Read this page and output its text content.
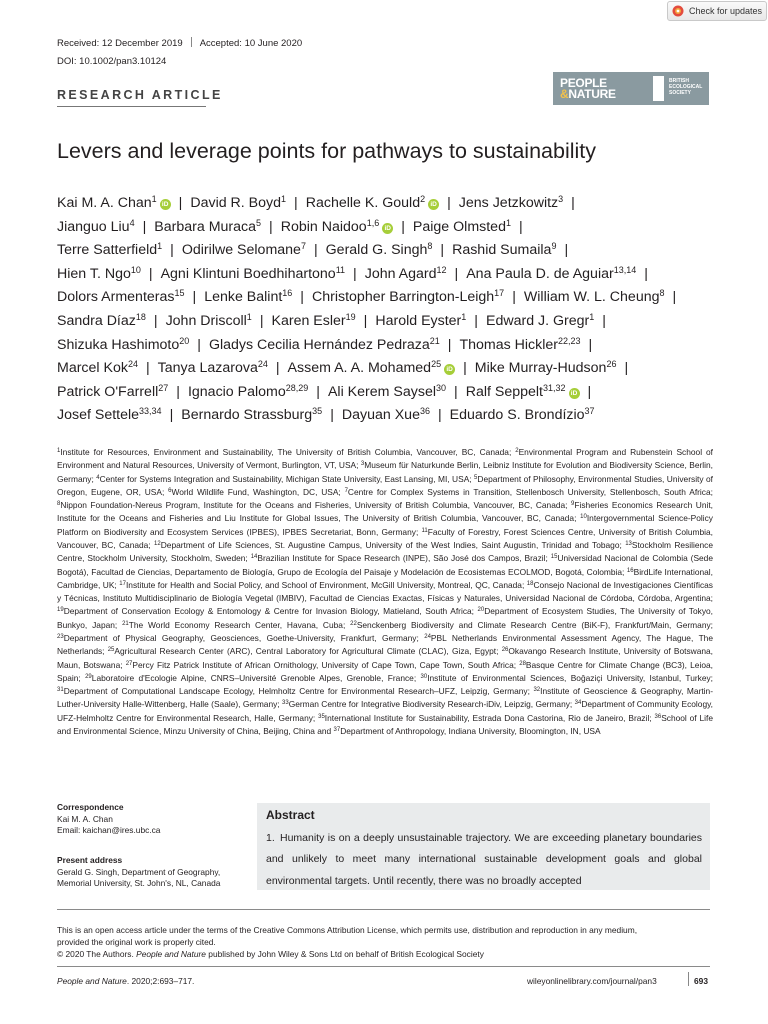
Check for updates
Received: 12 December 2019 Accepted: 10 June 2020
DOI: 10.1002/pan3.10124
RESEARCH ARTICLE
PEOPLE
&NATURE
BRITISH
ECOLOGICAL
SOCIETY
Levers and leverage points for pathways to sustainability
Kai M. A. Chan$^1$iD | David R. Boyd$^1$ | Rachelle K. Gould$^2$iD | Jens Jetzkowitz$^3$ |
Jianguo Liu$^4$ | Barbara Muraca$^5$ | Robin Naidoo$^{1,6}$iD | Paige Olmsted$^1$ |
Terre Satterfield$^1$ | Odirilwe Selomane$^7$ | Gerald G. Singh$^8$ | Rashid Sumaila$^9$ |
Hien T. Ngo$^{10}$ | Agni Klintuni Boedhihartono$^{11}$ | John Agard$^{12}$ | Ana Paula D. de Aguiar$^{13,14}$ |
Dolors Armenteras$^{15}$ | Lenke Balint$^{16}$ | Christopher Barrington-Leigh$^{17}$ | William W. L. Cheung$^8$ |
Sandra Díaz$^{18}$ | John Driscoll$^1$ | Karen Esler$^{19}$ | Harold Eyster$^1$ | Edward J. Gregr$^1$ |
Shizuka Hashimoto$^{20}$ | Gladys Cecilia Hernández Pedraza$^{21}$ | Thomas Hickler$^{22,23}$ |
Marcel Kok$^{24}$ | Tanya Lazarova$^{24}$ | Assem A. A. Mohamed$^{25}$iD | Mike Murray-Hudson$^{26}$ |
Patrick O'Farrell$^{27}$ | Ignacio Palomo$^{28,29}$ | Ali Kerem Saysel$^{30}$ | Ralf Seppelt$^{31,32}$iD |
Josef Settele$^{33,34}$ | Bernardo Strassburg$^{35}$ | Dayuan Xue$^{36}$ | Eduardo S. Brondízio$^{37}$
$^1$Institute for Resources, Environment and Sustainability, The University of British Columbia, Vancouver, BC, Canada; $^2$Environmental Program and Rubenstein School of Environment and Natural Resources, University of Vermont, Burlington, VT, USA; $^3$Museum für Naturkunde Berlin, Leibniz Institute for Evolution and Biodiversity Science, Berlin, Germany; $^4$Center for Systems Integration and Sustainability, Michigan State University, East Lansing, MI, USA; $^5$Department of Philosophy, Environmental Studies, University of Oregon, Eugene, OR, USA; $^6$World Wildlife Fund, Washington, DC, USA; $^7$Centre for Complex Systems in Transition, Stellenbosch University, Stellenbosch, South Africa; $^8$Nippon Foundation-Nereus Program, Institute for the Oceans and Fisheries, University of British Columbia, Vancouver, BC, Canada; $^9$Fisheries Economics Research Unit, Institute for the Oceans and Fisheries and Liu Institute for Global Issues, The University of British Columbia, Vancouver, BC, Canada; $^{10}$Intergovernmental Science-Policy Platform on Biodiversity and Ecosystem Services (IPBES), IPBES Secretariat, Bonn, Germany; $^{11}$Faculty of Forestry, Forest Sciences Centre, University of British Columbia, Vancouver, BC, Canada; $^{12}$Department of Life Sciences, St. Augustine Campus, University of the West Indies, Saint Augustin, Trinidad and Tobago; $^{13}$Stockholm Resilience Centre, Stockholm University, Stockholm, Sweden; $^{14}$Brazilian Institute for Space Research (INPE), São José dos Campos, Brazil; $^{15}$Universidad Nacional de Colombia (Sede Bogotá), Facultad de Ciencias, Departamento de Biología, Grupo de Ecología del Paisaje y Modelación de Ecosistemas ECOLMOD, Bogotá, Colombia; $^{16}$BirdLife International, Cambridge, UK; $^{17}$Institute for Health and Social Policy, and School of Environment, McGill University, Montreal, QC, Canada; $^{18}$Consejo Nacional de Investigaciones Científicas y Técnicas, Instituto Multidisciplinario de Biología Vegetal (IMBIV), Facultad de Ciencias Exactas, Físicas y Naturales, Universidad Nacional de Córdoba, Córdoba, Argentina; $^{19}$Department of Conservation Ecology & Entomology & Centre for Invasion Biology, Matieland, South Africa; $^{20}$Department of Ecosystem Studies, The University of Tokyo, Bunkyo, Japan; $^{21}$The World Economy Research Center, Havana, Cuba; $^{22}$Senckenberg Biodiversity and Climate Research Centre (BiK-F), Frankfurt/Main, Germany; $^{23}$Department of Physical Geography, Geosciences, Goethe-University, Frankfurt, Germany; $^{24}$PBL Netherlands Environmental Assessment Agency, The Hague, The Netherlands; $^{25}$Agricultural Research Center (ARC), Central Laboratory for Agricultural Climate (CLAC), Giza, Egypt; $^{26}$Okavango Research Institute, University of Botswana, Maun, Botswana; $^{27}$Percy Fitz Patrick Institute of African Ornithology, University of Cape Town, Cape Town, South Africa; $^{28}$Basque Centre for Climate Change (BC3), Leioa, Spain; $^{29}$Laboratoire d'Ecologie Alpine, CNRS–Université Grenoble Alpes, Grenoble, France; $^{30}$Institute of Environmental Sciences, Boğaziçi University, Istanbul, Turkey; $^{31}$Department of Computational Landscape Ecology, Helmholtz Centre for Environmental Research–UFZ, Leipzig, Germany; $^{32}$Institute of Geoscience & Geography, Martin-Luther-University Halle-Wittenberg, Halle (Saale), Germany; $^{33}$German Centre for Integrative Biodiversity Research-iDiv, Leipzig, Germany; $^{34}$Department of Community Ecology, UFZ-Helmholtz Centre for Environmental Research, Halle, Germany; $^{35}$International Institute for Sustainability, Estrada Dona Castorina, Rio de Janeiro, Brazil; $^{36}$School of Life and Environmental Science, Minzu University of China, Beijing, China and $^{37}$Department of Anthropology, Indiana University, Bloomington, IN, USA
Correspondence
Kai M. A. Chan
Email: kaichan@ires.ubc.ca
Present address
Gerald G. Singh, Department of Geography,
Memorial University, St. John's, NL, Canada
Abstract
1. Humanity is on a deeply unsustainable trajectory. We are exceeding planetary boundaries and unlikely to meet many international sustainable development goals and global environmental targets. Until recently, there was no broadly accepted
This is an open access article under the terms of the Creative Commons Attribution License, which permits use, distribution and reproduction in any medium,
provided the original work is properly cited.
© 2020 The Authors. People and Nature published by John Wiley & Sons Ltd on behalf of British Ecological Society
People and Nature. 2020;2:693–717.	wileyonlinelibrary.com/journal/pan3	693
